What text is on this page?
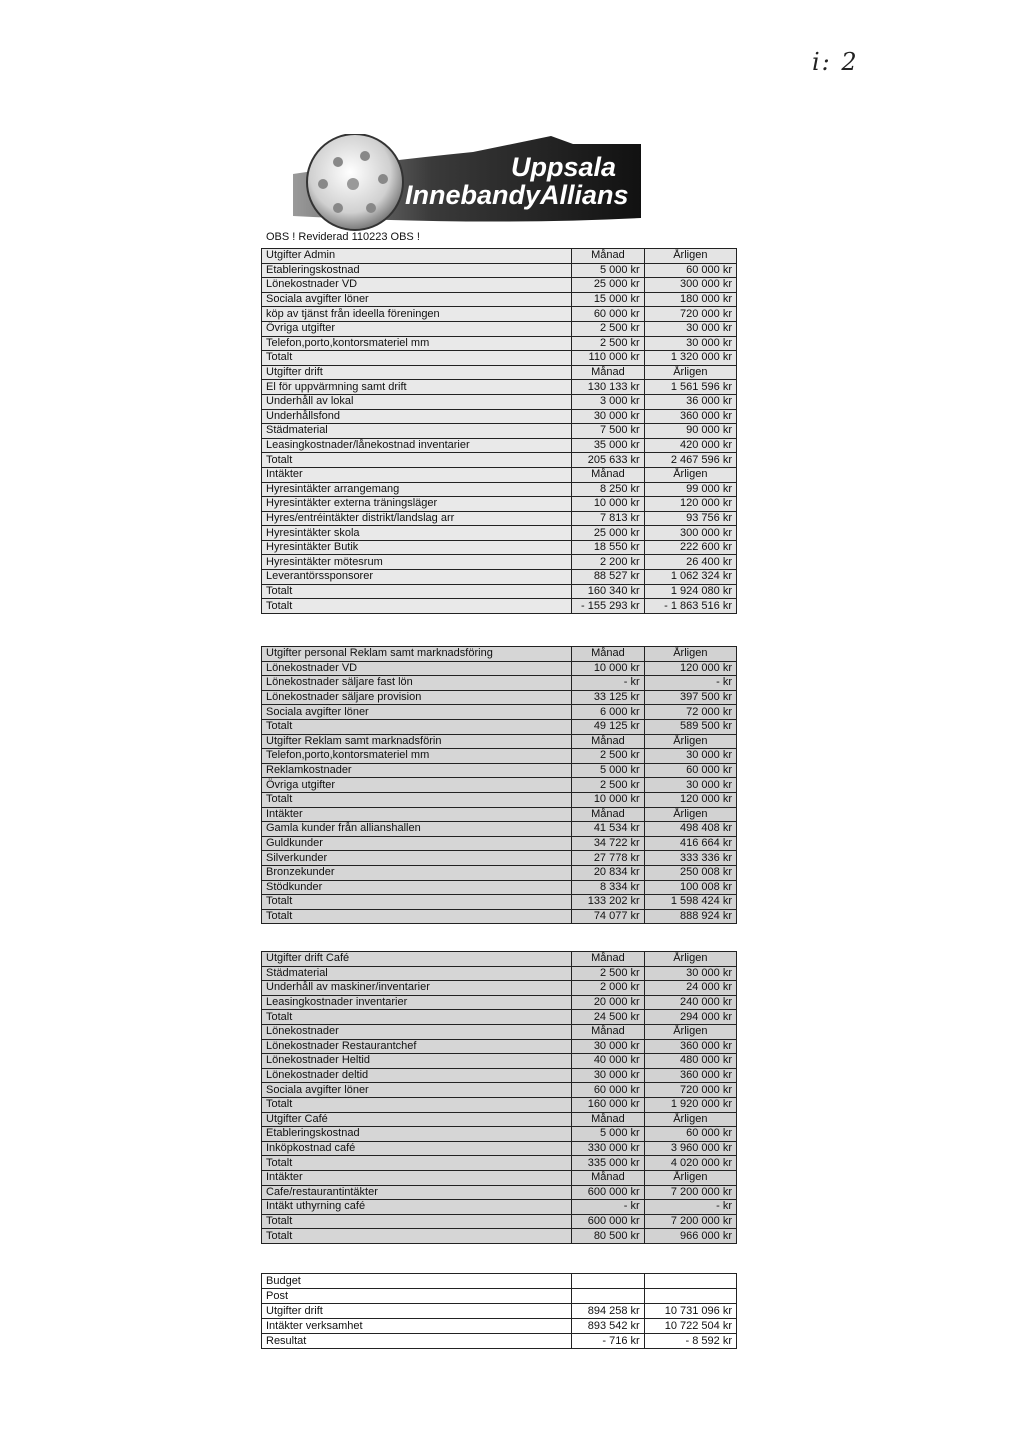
i: 2
Uppsala
InnebandyAllians
OBS ! Reviderad 110223 OBS !
Utgifter Admin	Månad	Årligen
Etableringskostnad	5 000 kr	60 000 kr
Lönekostnader VD	25 000 kr	300 000 kr
Sociala avgifter löner	15 000 kr	180 000 kr
köp av tjänst från ideella föreningen	60 000 kr	720 000 kr
Övriga utgifter	2 500 kr	30 000 kr
Telefon,porto,kontorsmateriel mm	2 500 kr	30 000 kr
Totalt	110 000 kr	1 320 000 kr
Utgifter drift	Månad	Årligen
El för uppvärmning samt drift	130 133 kr	1 561 596 kr
Underhåll av lokal	3 000 kr	36 000 kr
Underhållsfond	30 000 kr	360 000 kr
Städmaterial	7 500 kr	90 000 kr
Leasingkostnader/lånekostnad inventarier	35 000 kr	420 000 kr
Totalt	205 633 kr	2 467 596 kr
Intäkter	Månad	Årligen
Hyresintäkter arrangemang	8 250 kr	99 000 kr
Hyresintäkter externa träningsläger	10 000 kr	120 000 kr
Hyres/entréintäkter distrikt/landslag arr	7 813 kr	93 756 kr
Hyresintäkter skola	25 000 kr	300 000 kr
Hyresintäkter Butik	18 550 kr	222 600 kr
Hyresintäkter mötesrum	2 200 kr	26 400 kr
Leverantörssponsorer	88 527 kr	1 062 324 kr
Totalt	160 340 kr	1 924 080 kr
Totalt	- 155 293 kr	- 1 863 516 kr
Utgifter personal Reklam samt marknadsföring	Månad	Årligen
Lönekostnader VD	10 000 kr	120 000 kr
Lönekostnader säljare fast lön	- kr	- kr
Lönekostnader säljare provision	33 125 kr	397 500 kr
Sociala avgifter löner	6 000 kr	72 000 kr
Totalt	49 125 kr	589 500 kr
Utgifter Reklam samt marknadsförin	Månad	Årligen
Telefon,porto,kontorsmateriel mm	2 500 kr	30 000 kr
Reklamkostnader	5 000 kr	60 000 kr
Övriga utgifter	2 500 kr	30 000 kr
Totalt	10 000 kr	120 000 kr
Intäkter	Månad	Årligen
Gamla kunder från allianshallen	41 534 kr	498 408 kr
Guldkunder	34 722 kr	416 664 kr
Silverkunder	27 778 kr	333 336 kr
Bronzekunder	20 834 kr	250 008 kr
Stödkunder	8 334 kr	100 008 kr
Totalt	133 202 kr	1 598 424 kr
Totalt	74 077 kr	888 924 kr
Utgifter drift Café	Månad	Årligen
Städmaterial	2 500 kr	30 000 kr
Underhåll av maskiner/inventarier	2 000 kr	24 000 kr
Leasingkostnader inventarier	20 000 kr	240 000 kr
Totalt	24 500 kr	294 000 kr
Lönekostnader	Månad	Årligen
Lönekostnader Restaurantchef	30 000 kr	360 000 kr
Lönekostnader Heltid	40 000 kr	480 000 kr
Lönekostnader deltid	30 000 kr	360 000 kr
Sociala avgifter löner	60 000 kr	720 000 kr
Totalt	160 000 kr	1 920 000 kr
Utgifter Café	Månad	Årligen
Etableringskostnad	5 000 kr	60 000 kr
Inköpkostnad café	330 000 kr	3 960 000 kr
Totalt	335 000 kr	4 020 000 kr
Intäkter	Månad	Årligen
Cafe/restaurantintäkter	600 000 kr	7 200 000 kr
Intäkt uthyrning café	- kr	- kr
Totalt	600 000 kr	7 200 000 kr
Totalt	80 500 kr	966 000 kr
Budget		
Post		
Utgifter drift	894 258 kr	10 731 096 kr
Intäkter verksamhet	893 542 kr	10 722 504 kr
Resultat	- 716 kr	- 8 592 kr
